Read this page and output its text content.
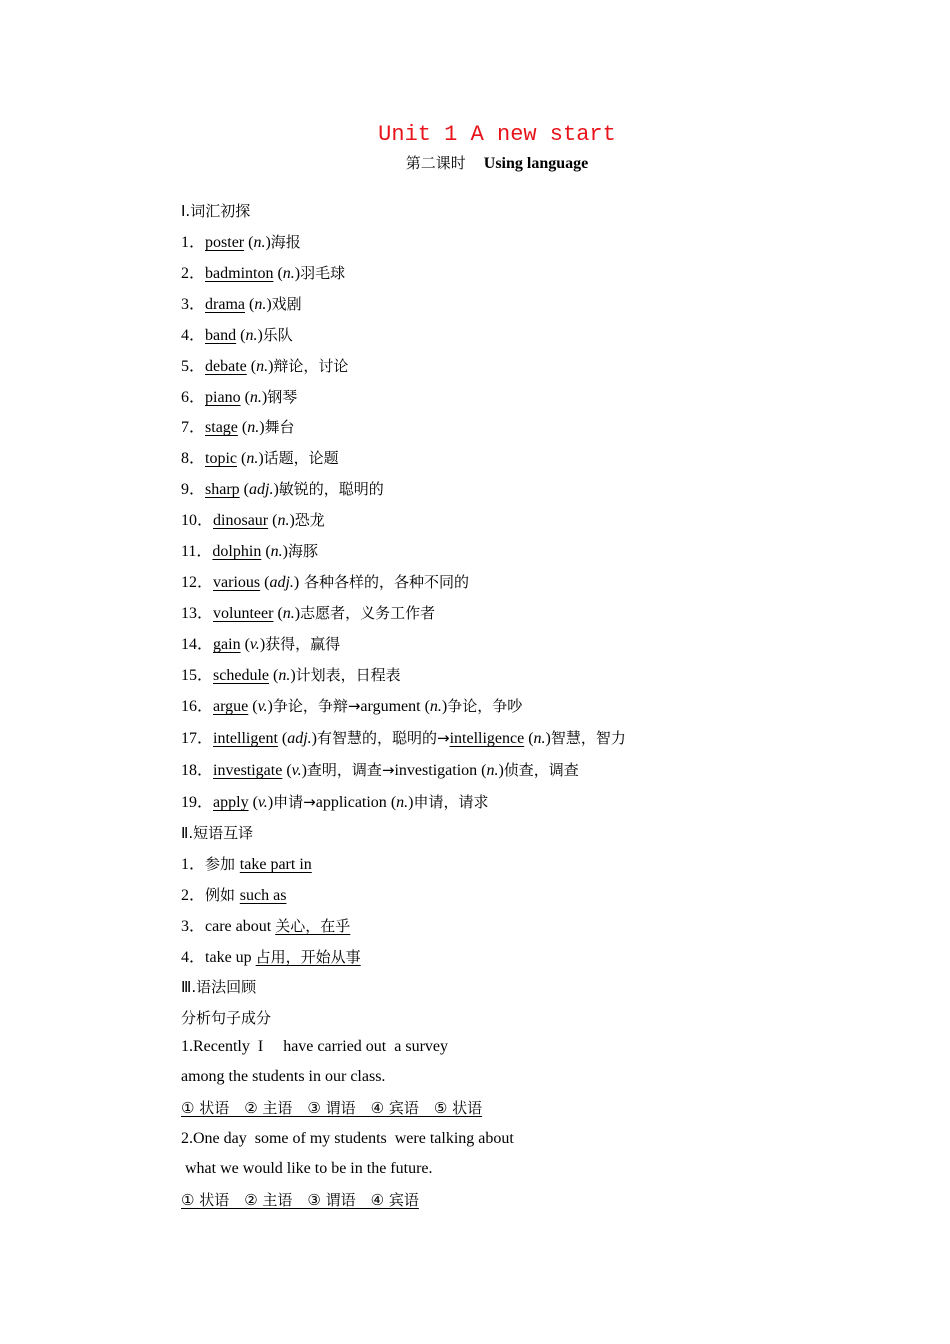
Unit 1 A new start
第二课时 Using language
Ⅰ.词汇初探
1．poster (n.)海报
2．badminton (n.)羽毛球
3．drama (n.)戏剧
4．band (n.)乐队
5．debate (n.)辩论，讨论
6．piano (n.)钢琴
7．stage (n.)舞台
8．topic (n.)话题，论题
9．sharp (adj.)敏锐的，聪明的
10．dinosaur (n.)恐龙
11．dolphin (n.)海豚
12．various (adj.) 各种各样的，各种不同的
13．volunteer (n.)志愿者，义务工作者
14．gain (v.)获得，赢得
15．schedule (n.)计划表，日程表
16．argue (v.)争论，争辩→argument (n.)争论，争吵
17．intelligent (adj.)有智慧的，聪明的→intelligence (n.)智慧，智力
18．investigate (v.)查明，调查→investigation (n.)侦查，调查
19．apply (v.)申请→application (n.)申请，请求
Ⅱ.短语互译
1．参加 take part in
2．例如 such as
3．care about 关心，在乎
4．take up 占用，开始从事
Ⅲ.语法回顾
分析句子成分
1.Recently  I     have carried out  a survey
among the students in our class.
① 状语　② 主语　③ 谓语　④ 宾语　⑤ 状语
2.One day  some of my students  were talking about
what we would like to be in the future.
① 状语　② 主语　③ 谓语　④ 宾语
